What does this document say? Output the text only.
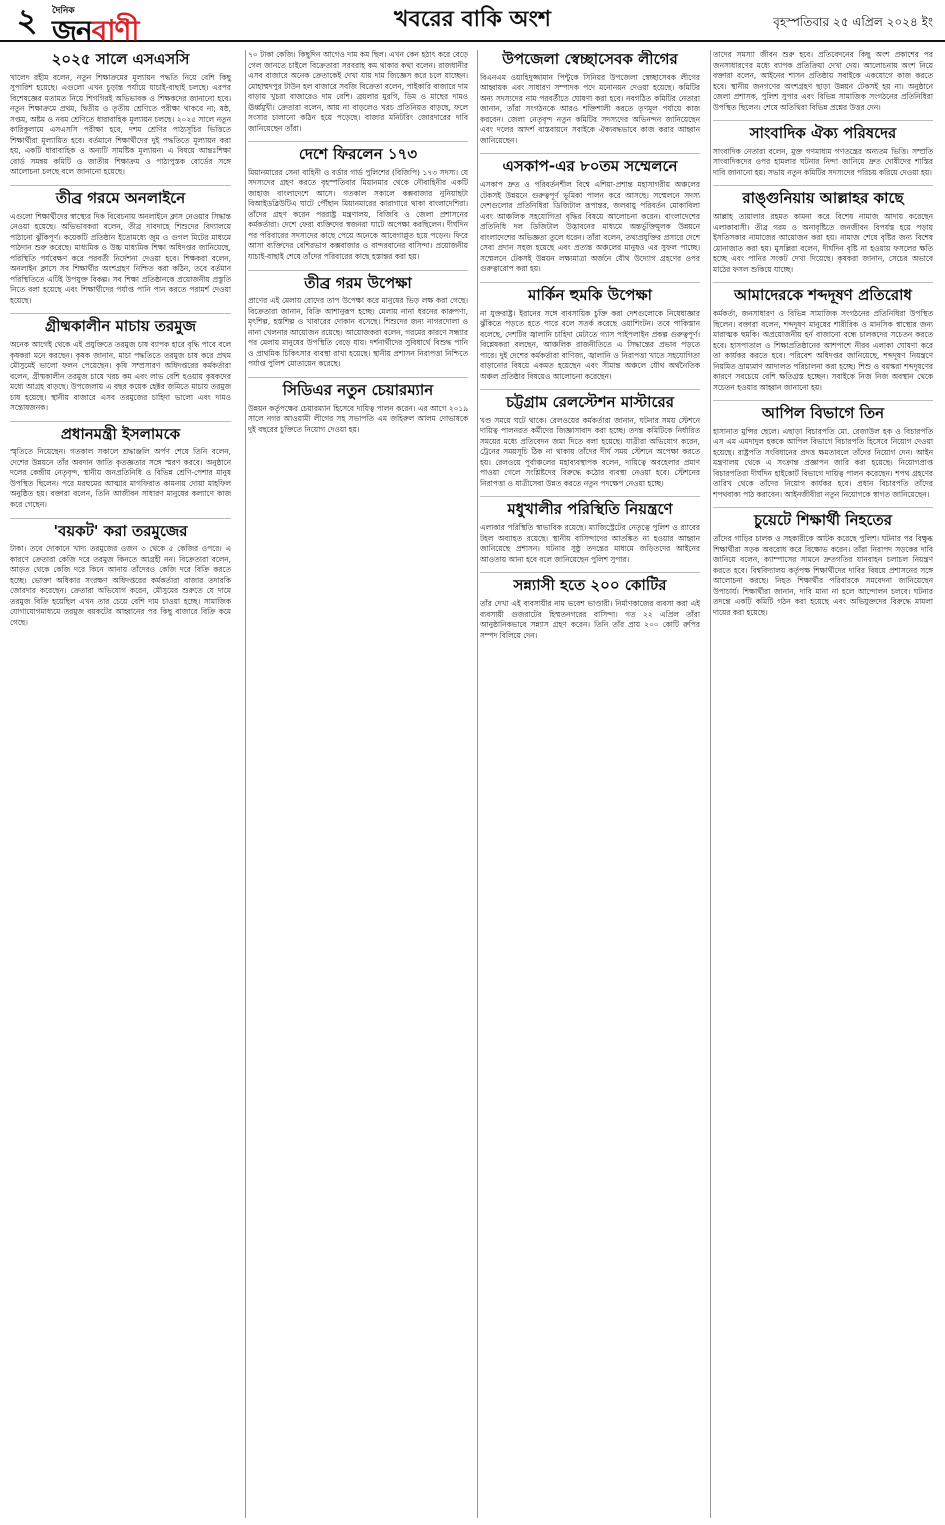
২	দৈনিক
জনবাণী	খবরের বাকি অংশ	বৃহস্পতিবার ২৫ এপ্রিল ২০২৪ ইং
২০২৫ সালে এসএসসি

খালেদ রহীম বলেন, নতুন শিক্ষাক্রমের মূল্যায়ন পদ্ধতি নিয়ে বেশি কিছু সুপারিশ হয়েছে। এগুলো এখন চূড়ান্ত পর্যায়ে যাচাই-বাছাই চলছে। এরপর বিশেষজ্ঞের মতামত নিয়ে শিগগিরই অভিভাবক ও শিক্ষকদের জানানো হবে। নতুন শিক্ষাক্রমে প্রথম, দ্বিতীয় ও তৃতীয় শ্রেণিতে পরীক্ষা থাকবে না; ষষ্ঠ, সপ্তম, অষ্টম ও নবম শ্রেণিতে ধারাবাহিক মূল্যায়ন চলছে। ২০২৫ সালে নতুন কারিকুলামে এসএসসি পরীক্ষা হবে, দশম শ্রেণির পাঠ্যসূচির ভিত্তিতে শিক্ষার্থীরা মূল্যায়িত হবে। বর্তমানে শিক্ষার্থীদের দুই পদ্ধতিতে মূল্যায়ন করা হয়, একটি ধারাবাহিক ও অন্যটি সামষ্টিক মূল্যায়ন। এ বিষয়ে আন্তঃশিক্ষা বোর্ড সমন্বয় কমিটি ও জাতীয় শিক্ষাক্রম ও পাঠ্যপুস্তক বোর্ডের সঙ্গে আলোচনা চলছে বলে জানানো হয়েছে।

তীব্র গরমে অনলাইনে

এগুলো শিক্ষার্থীদের স্বাস্থ্যের দিক বিবেচনায় অনলাইনে ক্লাস নেওয়ার সিদ্ধান্ত নেওয়া হয়েছে। অভিভাবকরা বলেন, তীব্র দাবদাহে শিশুদের বিদ্যালয়ে পাঠানো ঝুঁকিপূর্ণ। কয়েকটি প্রতিষ্ঠান ইতোমধ্যে জুম ও গুগল মিটের মাধ্যমে পাঠদান শুরু করেছে। মাধ্যমিক ও উচ্চ মাধ্যমিক শিক্ষা অধিদপ্তর জানিয়েছে, পরিস্থিতি পর্যবেক্ষণ করে পরবর্তী নির্দেশনা দেওয়া হবে। শিক্ষকরা বলেন, অনলাইন ক্লাসে সব শিক্ষার্থীর অংশগ্রহণ নিশ্চিত করা কঠিন, তবে বর্তমান পরিস্থিতিতে এটিই উপযুক্ত বিকল্প। সব শিক্ষা প্রতিষ্ঠানকে প্রয়োজনীয় প্রস্তুতি নিতে বলা হয়েছে এবং শিক্ষার্থীদের পর্যাপ্ত পানি পান করতে পরামর্শ দেওয়া হয়েছে।

গ্রীষ্মকালীন মাচায় তরমুজ

অনেক আগেই থেকে এই প্রযুক্তিতে তরমুজ চাষ ব্যাপক হারে বৃদ্ধি পাবে বলে কৃষকরা মনে করছেন। কৃষক জানান, মাচা পদ্ধতিতে তরমুজ চাষ করে প্রথম মৌসুমেই ভালো ফলন পেয়েছেন। কৃষি সম্প্রসারণ অধিদপ্তরের কর্মকর্তারা বলেন, গ্রীষ্মকালীন তরমুজ চাষে খরচ কম এবং লাভ বেশি হওয়ায় কৃষকদের মধ্যে আগ্রহ বাড়ছে। উপজেলায় এ বছর কয়েক হেক্টর জমিতে মাচায় তরমুজ চাষ হয়েছে। স্থানীয় বাজারে এসব তরমুজের চাহিদা ভালো এবং দামও সন্তোষজনক।

প্রধানমন্ত্রী ইসলামকে

স্মৃতিতে নিয়েছেন। গতকাল সকালে শ্রদ্ধাঞ্জলি অর্পণ শেষে তিনি বলেন, দেশের উন্নয়নে তাঁর অবদান জাতি কৃতজ্ঞতার সঙ্গে স্মরণ করবে। অনুষ্ঠানে দলের কেন্দ্রীয় নেতৃবৃন্দ, স্থানীয় জনপ্রতিনিধি ও বিভিন্ন শ্রেণি-পেশার মানুষ উপস্থিত ছিলেন। পরে মরহুমের আত্মার মাগফিরাত কামনায় দোয়া মাহফিল অনুষ্ঠিত হয়। বক্তারা বলেন, তিনি আজীবন সাধারণ মানুষের কল্যাণে কাজ করে গেছেন।

'বয়কট' করা তরমুজের

টাকা। তবে দোকানে খাদ্য তরমুজের ওজন ৩ থেকে ৫ কেজির ওপরে। এ কারণে ক্রেতারা কেজি দরে তরমুজ কিনতে আগ্রহী নন। বিক্রেতারা বলেন, আড়ত থেকে কেজি দরে কিনে আনায় তাঁদেরও কেজি দরে বিক্রি করতে হচ্ছে। ভোক্তা অধিকার সংরক্ষণ অধিদপ্তরের কর্মকর্তারা বাজার তদারকি জোরদার করেছেন। ক্রেতারা অভিযোগ করেন, মৌসুমের শুরুতে যে দামে তরমুজ বিক্রি হয়েছিল এখন তার চেয়ে বেশি দাম চাওয়া হচ্ছে। সামাজিক যোগাযোগমাধ্যমে তরমুজ বয়কটের আহ্বানের পর কিছু বাজারে বিক্রি কমে গেছে।

৭০ টাকা কেজি। কিছুদিন আগেও দাম কম ছিল। এখন কেন হঠাৎ করে বেড়ে গেল জানতে চাইলে বিক্রেতারা সরবরাহ কম থাকার কথা বলেন। রাজধানীর এসব বাজারে অনেক ক্রেতাকেই দেখা যায় দাম জিজ্ঞেস করে চলে যাচ্ছেন। মোহাম্মদপুর টাউন হল বাজারে সবজি বিক্রেতা বলেন, পাইকারি বাজারে দাম বাড়ায় খুচরা বাজারেও দাম বেশি। ব্রয়লার মুরগি, ডিম ও মাছের দামও ঊর্ধ্বমুখী। ক্রেতারা বলেন, আয় না বাড়লেও খরচ প্রতিনিয়ত বাড়ছে, ফলে সংসার চালানো কঠিন হয়ে পড়েছে। বাজার মনিটরিং জোরদারের দাবি জানিয়েছেন তাঁরা।

দেশে ফিরলেন ১৭৩

মিয়ানমারের সেনা বাহিনী ও বর্ডার গার্ড পুলিশের (বিজিপি) ১৭৩ সদস্য। যে সদস্যদের গ্রহণ করতে বৃহস্পতিবার মিয়ানমার থেকে নৌবাহিনীর একটি জাহাজ বাংলাদেশে আসে। গতকাল সকালে কক্সবাজার নুনিয়াছটা বিআইডব্লিউটিএ ঘাটে পৌঁছান মিয়ানমারের কারাগারে থাকা বাংলাদেশিরা। তাঁদের গ্রহণ করেন পররাষ্ট্র মন্ত্রণালয়, বিজিবি ও জেলা প্রশাসনের কর্মকর্তারা। দেশে ফেরা ব্যক্তিদের স্বজনরা ঘাটে অপেক্ষা করছিলেন। দীর্ঘদিন পর পরিবারের সদস্যদের কাছে পেয়ে অনেকে আবেগাপ্লুত হয়ে পড়েন। ফিরে আসা ব্যক্তিদের বেশিরভাগ কক্সবাজার ও বান্দরবানের বাসিন্দা। প্রয়োজনীয় যাচাই-বাছাই শেষে তাঁদের পরিবারের কাছে হস্তান্তর করা হয়।

তীব্র গরম উপেক্ষা

প্রাণের এই মেলায় রোদের তাপ উপেক্ষা করে মানুষের ভিড় লক্ষ করা গেছে। বিক্রেতারা জানান, বিক্রি আশানুরূপ হচ্ছে। মেলায় নানা ধরনের কারুপণ্য, মৃৎশিল্প, হস্তশিল্প ও খাবারের দোকান বসেছে। শিশুদের জন্য নাগরদোলা ও নানা খেলনার আয়োজন রয়েছে। আয়োজকরা বলেন, গরমের কারণে সন্ধ্যার পর মেলায় মানুষের উপস্থিতি বেড়ে যায়। দর্শনার্থীদের সুবিধার্থে বিশুদ্ধ পানি ও প্রাথমিক চিকিৎসার ব্যবস্থা রাখা হয়েছে। স্থানীয় প্রশাসন নিরাপত্তা নিশ্চিতে পর্যাপ্ত পুলিশ মোতায়েন করেছে।

সিডিএর নতুন চেয়ারম্যান

উন্নয়ন কর্তৃপক্ষের চেয়ারম্যান হিসেবে দায়িত্ব পালন করেন। এর আগে ২০১৯ সালে নগর আওয়ামী লীগের সহ সভাপতি এম জহিরুল আলম দোভাষকে দুই বছরের চুক্তিতে নিয়োগ দেওয়া হয়।

উপজেলা স্বেচ্ছাসেবক লীগের

বিএনএম ওয়াহিদুজ্জামান পিন্টুকে সিনিয়র উপজেলা স্বেচ্ছাসেবক লীগের আহ্বায়ক এবং সাধারণ সম্পাদক পদে মনোনয়ন দেওয়া হয়েছে। কমিটির অন্য সদস্যদের নাম পরবর্তীতে ঘোষণা করা হবে। নবগঠিত কমিটির নেতারা জানান, তাঁরা সংগঠনকে আরও শক্তিশালী করতে তৃণমূল পর্যায়ে কাজ করবেন। জেলা নেতৃবৃন্দ নতুন কমিটির সদস্যদের অভিনন্দন জানিয়েছেন এবং দলের আদর্শ বাস্তবায়নে সবাইকে ঐক্যবদ্ধভাবে কাজ করার আহ্বান জানিয়েছেন।

এসকাপ-এর ৮০তম সম্মেলনে

এসকাপ দ্রুত ও পরিবর্তনশীল বিশ্বে এশিয়া-প্রশান্ত মহাসাগরীয় অঞ্চলের টেকসই উন্নয়নে গুরুত্বপূর্ণ ভূমিকা পালন করে আসছে। সম্মেলনে সদস্য দেশগুলোর প্রতিনিধিরা ডিজিটাল রূপান্তর, জলবায়ু পরিবর্তন মোকাবিলা এবং আঞ্চলিক সহযোগিতা বৃদ্ধির বিষয়ে আলোচনা করেন। বাংলাদেশের প্রতিনিধি দল ডিজিটাল উদ্ভাবনের মাধ্যমে অন্তর্ভুক্তিমূলক উন্নয়নে বাংলাদেশের অভিজ্ঞতা তুলে ধরেন। তাঁরা বলেন, তথ্যপ্রযুক্তির প্রসারে দেশে সেবা প্রদান সহজ হয়েছে এবং প্রত্যন্ত অঞ্চলের মানুষও এর সুফল পাচ্ছে। সম্মেলনে টেকসই উন্নয়ন লক্ষ্যমাত্রা অর্জনে যৌথ উদ্যোগ গ্রহণের ওপর গুরুত্বারোপ করা হয়।

মার্কিন হুমকি উপেক্ষা

না যুক্তরাষ্ট্র। ইরানের সঙ্গে ব্যবসায়িক চুক্তি করা দেশগুলোকে নিষেধাজ্ঞার ঝুঁকিতে পড়তে হতে পারে বলে সতর্ক করেছে ওয়াশিংটন। তবে পাকিস্তান বলেছে, দেশটির জ্বালানি চাহিদা মেটাতে গ্যাস পাইপলাইন প্রকল্প গুরুত্বপূর্ণ। বিশ্লেষকরা বলছেন, আঞ্চলিক রাজনীতিতে এ সিদ্ধান্তের প্রভাব পড়তে পারে। দুই দেশের কর্মকর্তারা বাণিজ্য, জ্বালানি ও নিরাপত্তা খাতে সহযোগিতা বাড়ানোর বিষয়ে একমত হয়েছেন এবং সীমান্ত অঞ্চলে যৌথ অর্থনৈতিক অঞ্চল প্রতিষ্ঠার বিষয়েও আলোচনা করেছেন।

চট্টগ্রাম রেলস্টেশন মাস্টারের

খণ্ড সময়ে ঘটে থাকে। রেলওয়ের কর্মকর্তারা জানান, ঘটনার সময় স্টেশনে দায়িত্ব পালনরত কর্মীদের জিজ্ঞাসাবাদ করা হচ্ছে। তদন্ত কমিটিকে নির্ধারিত সময়ের মধ্যে প্রতিবেদন জমা দিতে বলা হয়েছে। যাত্রীরা অভিযোগ করেন, ট্রেনের সময়সূচি ঠিক না থাকায় তাঁদের দীর্ঘ সময় স্টেশনে অপেক্ষা করতে হয়। রেলওয়ে পূর্বাঞ্চলের মহাব্যবস্থাপক বলেন, দায়িত্বে অবহেলার প্রমাণ পাওয়া গেলে সংশ্লিষ্টদের বিরুদ্ধে কঠোর ব্যবস্থা নেওয়া হবে। স্টেশনের নিরাপত্তা ও যাত্রীসেবা উন্নত করতে নতুন পদক্ষেপ নেওয়া হচ্ছে।

মধুখালীর পরিস্থিতি নিয়ন্ত্রণে

এলাকার পরিস্থিতি স্বাভাবিক রয়েছে। ম্যাজিস্ট্রেটের নেতৃত্বে পুলিশ ও র‍্যাবের টহল অব্যাহত রয়েছে। স্থানীয় বাসিন্দাদের আতঙ্কিত না হওয়ার আহ্বান জানিয়েছে প্রশাসন। ঘটনার সুষ্ঠু তদন্তের মাধ্যমে জড়িতদের আইনের আওতায় আনা হবে বলে জানিয়েছেন পুলিশ সুপার।

সন্ন্যাসী হতে ২০০ কোটির

তাঁর দেখা এই ব্যবসায়ীর নাম ভবেশ ভাণ্ডারী। নির্মাণকাজের ব্যবসা করা এই ব্যবসায়ী গুজরাটের হিম্মতনগরের বাসিন্দা। গত ২২ এপ্রিল তাঁরা আনুষ্ঠানিকভাবে সন্ন্যাস গ্রহণ করেন। তিনি তাঁর প্রায় ২০০ কোটি রুপির সম্পদ বিলিয়ে দেন।

তাদের সমস্যা জীবন শুরু হবে। প্রতিবেদনের কিছু অংশ প্রকাশের পর জনসাধারণের মধ্যে ব্যাপক প্রতিক্রিয়া দেখা দেয়। আলোচনায় অংশ নিয়ে বক্তারা বলেন, আইনের শাসন প্রতিষ্ঠায় সবাইকে একযোগে কাজ করতে হবে। স্থানীয় জনগণের অংশগ্রহণ ছাড়া উন্নয়ন টেকসই হয় না। অনুষ্ঠানে জেলা প্রশাসক, পুলিশ সুপার এবং বিভিন্ন সামাজিক সংগঠনের প্রতিনিধিরা উপস্থিত ছিলেন। শেষে অতিথিরা বিভিন্ন প্রশ্নের উত্তর দেন।

সাংবাদিক ঐক্য পরিষদের

সাংবাদিক নেতারা বলেন, মুক্ত গণমাধ্যম গণতন্ত্রের অন্যতম ভিত্তি। সম্প্রতি সাংবাদিকদের ওপর হামলার ঘটনার নিন্দা জানিয়ে দ্রুত দোষীদের শাস্তির দাবি জানানো হয়। সভায় নতুন কমিটির সদস্যদের পরিচয় করিয়ে দেওয়া হয়।

রাঙ্গুনিয়ায় আল্লাহর কাছে

আল্লাহ তায়ালার রহমত কামনা করে বিশেষ নামাজ আদায় করেছেন এলাকাবাসী। তীব্র গরম ও অনাবৃষ্টিতে জনজীবন বিপর্যস্ত হয়ে পড়ায় ইসতিসকার নামাজের আয়োজন করা হয়। নামাজ শেষে বৃষ্টির জন্য বিশেষ মোনাজাত করা হয়। মুসল্লিরা বলেন, দীর্ঘদিন বৃষ্টি না হওয়ায় ফসলের ক্ষতি হচ্ছে এবং পানির সংকট দেখা দিয়েছে। কৃষকরা জানান, সেচের অভাবে মাঠের ফসল শুকিয়ে যাচ্ছে।

আমাদেরকে শব্দদূষণ প্রতিরোধ

কর্মকর্তা, জনসাধারণ ও বিভিন্ন সামাজিক সংগঠনের প্রতিনিধিরা উপস্থিত ছিলেন। বক্তারা বলেন, শব্দদূষণ মানুষের শারীরিক ও মানসিক স্বাস্থ্যের জন্য মারাত্মক হুমকি। অপ্রয়োজনীয় হর্ন বাজানো বন্ধে চালকদের সচেতন করতে হবে। হাসপাতাল ও শিক্ষাপ্রতিষ্ঠানের আশপাশে নীরব এলাকা ঘোষণা করে তা কার্যকর করতে হবে। পরিবেশ অধিদপ্তর জানিয়েছে, শব্দদূষণ নিয়ন্ত্রণে নিয়মিত ভ্রাম্যমাণ আদালত পরিচালনা করা হচ্ছে। শিশু ও বয়স্করা শব্দদূষণের কারণে সবচেয়ে বেশি ক্ষতিগ্রস্ত হচ্ছেন। সবাইকে নিজ নিজ অবস্থান থেকে সচেতন হওয়ার আহ্বান জানানো হয়।

আপিল বিভাগে তিন

হাসানাত মুন্সির ছেলে। এছাড়া বিচারপতি মো. রেজাউল হক ও বিচারপতি এস এম এমদাদুল হককে আপিল বিভাগে বিচারপতি হিসেবে নিয়োগ দেওয়া হয়েছে। রাষ্ট্রপতি সংবিধানের প্রদত্ত ক্ষমতাবলে তাঁদের নিয়োগ দেন। আইন মন্ত্রণালয় থেকে এ সংক্রান্ত প্রজ্ঞাপন জারি করা হয়েছে। নিয়োগপ্রাপ্ত বিচারপতিরা দীর্ঘদিন হাইকোর্ট বিভাগে দায়িত্ব পালন করেছেন। শপথ গ্রহণের তারিখ থেকে তাঁদের নিয়োগ কার্যকর হবে। প্রধান বিচারপতি তাঁদের শপথবাক্য পাঠ করাবেন। আইনজীবীরা নতুন নিয়োগকে স্বাগত জানিয়েছেন।

চুয়েটে শিক্ষার্থী নিহতের

তাঁদের গাড়ির চালক ও সহকারীকে আটক করেছে পুলিশ। ঘটনার পর বিক্ষুব্ধ শিক্ষার্থীরা সড়ক অবরোধ করে বিক্ষোভ করেন। তাঁরা নিরাপদ সড়কের দাবি জানিয়ে বলেন, ক্যাম্পাসের সামনে দ্রুতগতির যানবাহন চলাচল নিয়ন্ত্রণ করতে হবে। বিশ্ববিদ্যালয় কর্তৃপক্ষ শিক্ষার্থীদের দাবির বিষয়ে প্রশাসনের সঙ্গে আলোচনা করছে। নিহত শিক্ষার্থীর পরিবারকে সমবেদনা জানিয়েছেন উপাচার্য। শিক্ষার্থীরা জানান, দাবি মানা না হলে আন্দোলন চলবে। ঘটনার তদন্তে একটি কমিটি গঠন করা হয়েছে এবং অভিযুক্তদের বিরুদ্ধে মামলা দায়ের করা হয়েছে।
